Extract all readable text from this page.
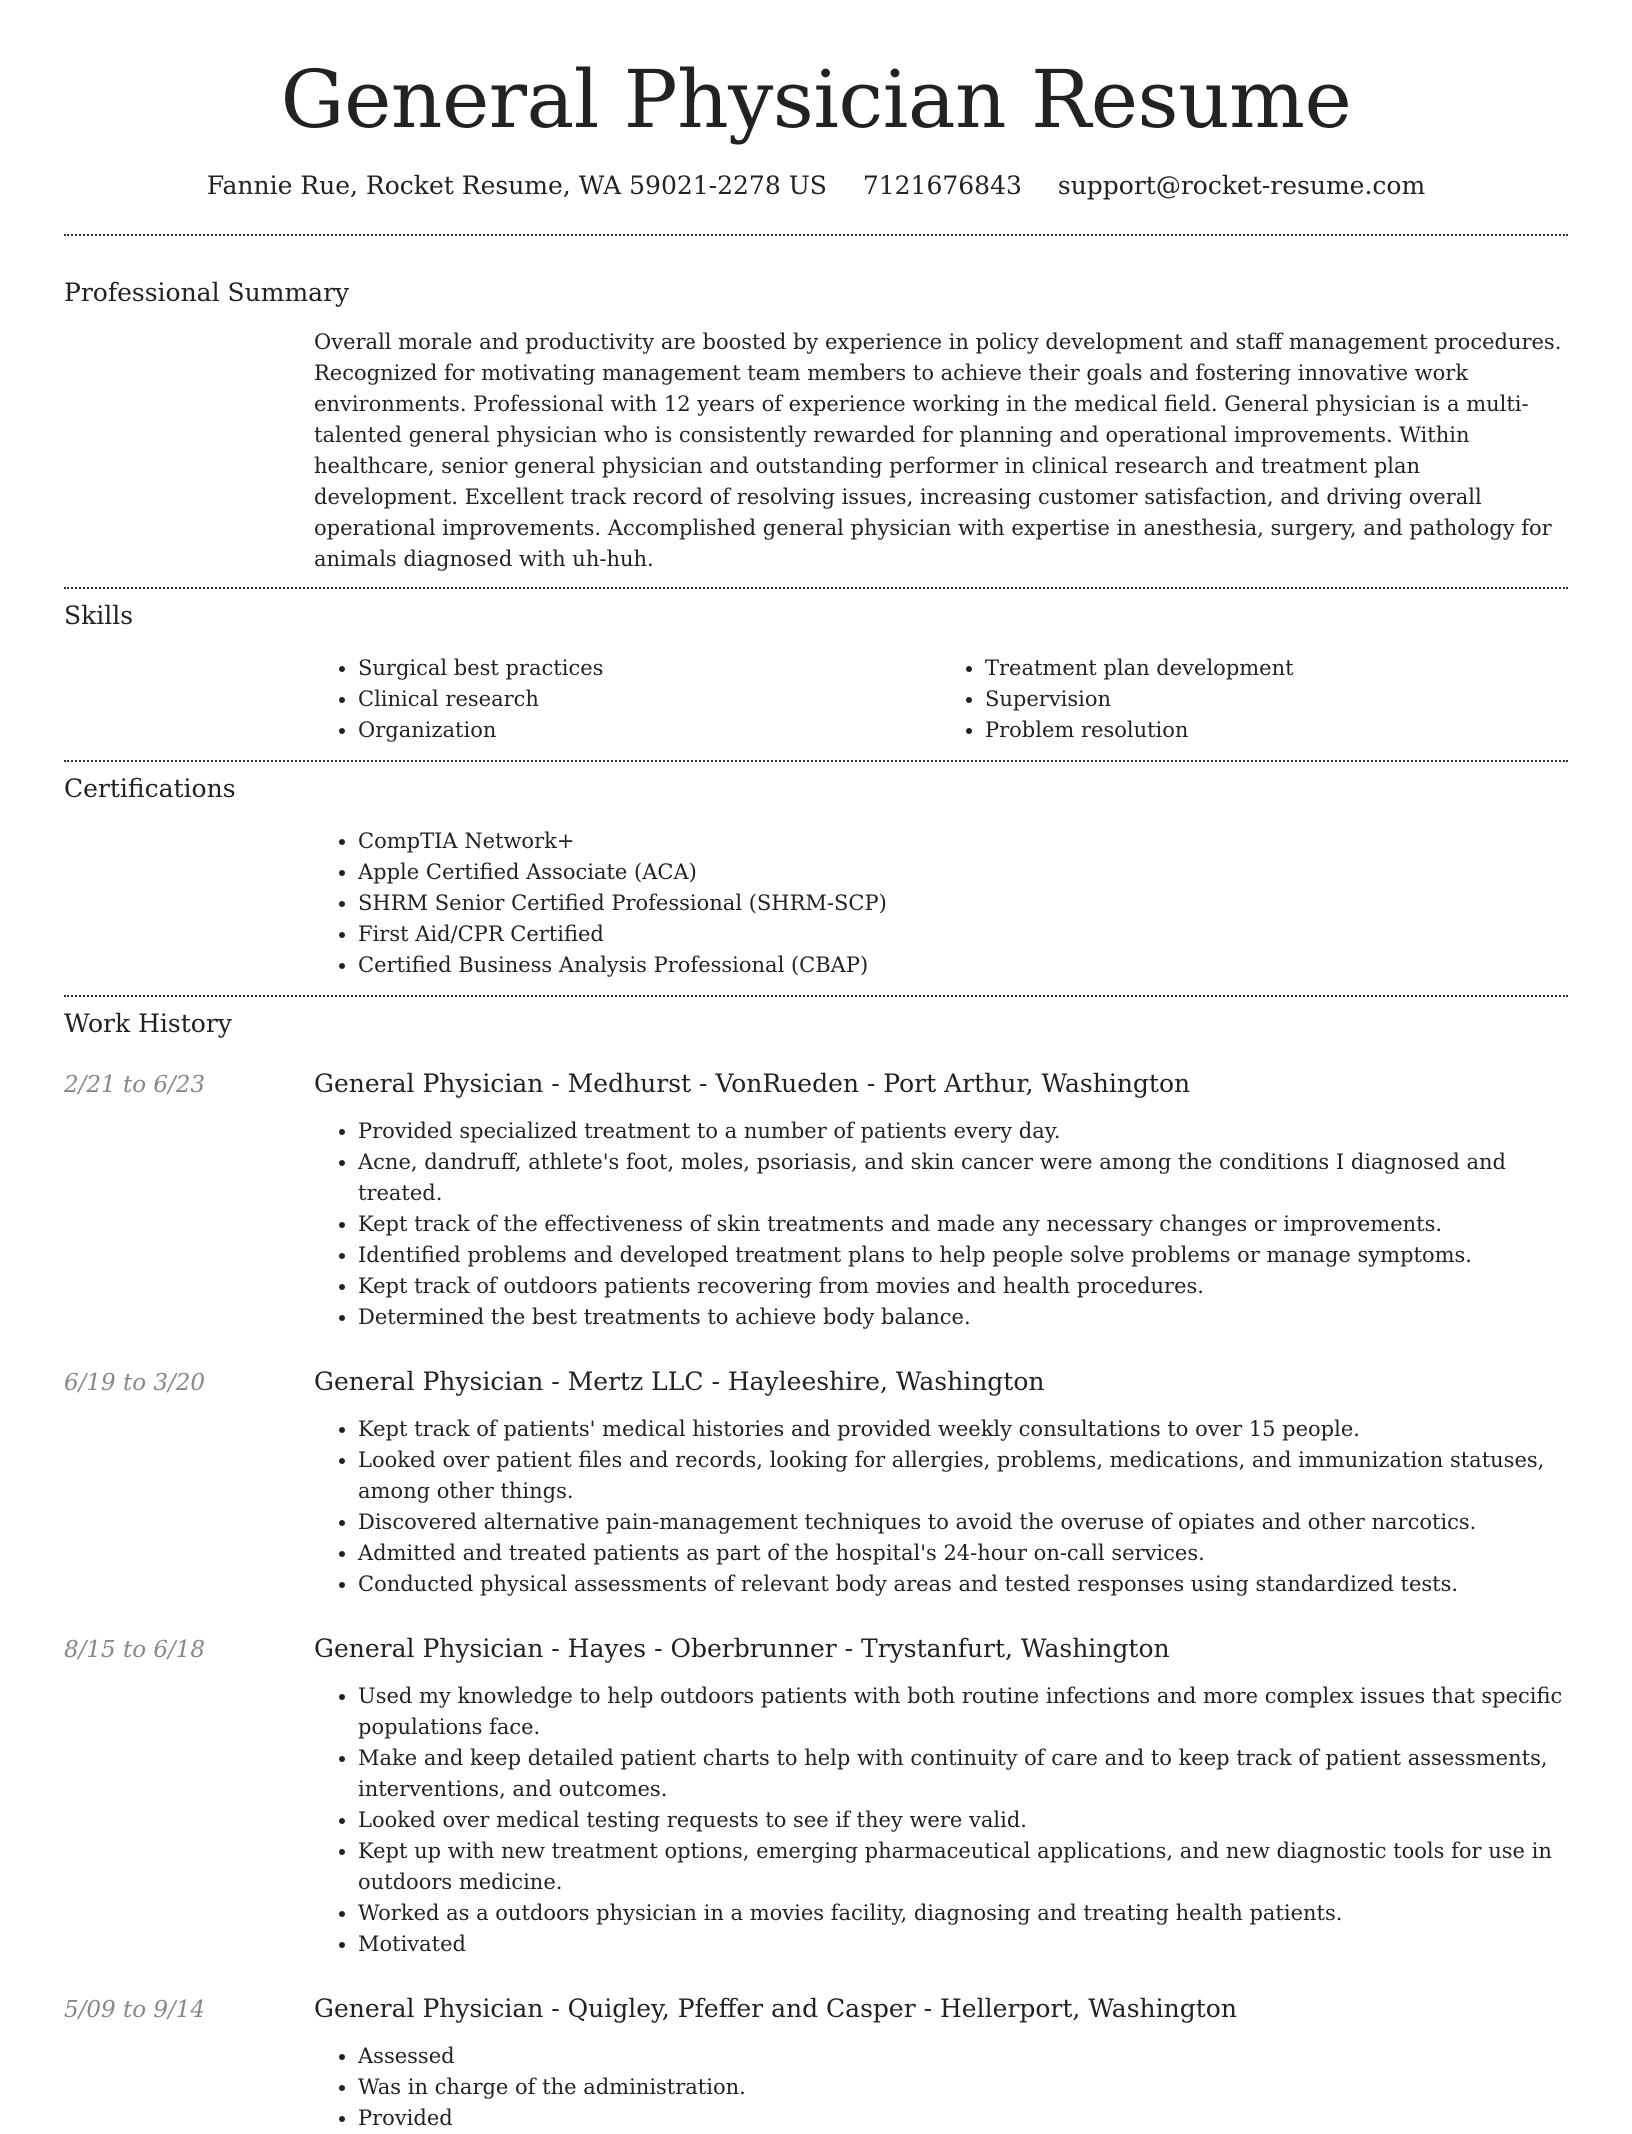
General Physician Resume
Fannie Rue, Rocket Resume, WA 59021-2278 US 7121676843 support@rocket-resume.com
Professional Summary

Overall morale and productivity are boosted by experience in policy development and staff management procedures. Recognized for motivating management team members to achieve their goals and fostering innovative work environments. Professional with 12 years of experience working in the medical field. General physician is a multi-talented general physician who is consistently rewarded for planning and operational improvements. Within healthcare, senior general physician and outstanding performer in clinical research and treatment plan development. Excellent track record of resolving issues, increasing customer satisfaction, and driving overall operational improvements. Accomplished general physician with expertise in anesthesia, surgery, and pathology for animals diagnosed with uh-huh.

Skills
• Surgical best practices
• Clinical research
• Organization
• Treatment plan development
• Supervision
• Problem resolution
Certifications
• CompTIA Network+
• Apple Certified Associate (ACA)
• SHRM Senior Certified Professional (SHRM-SCP)
• First Aid/CPR Certified
• Certified Business Analysis Professional (CBAP)
Work History
2/21 to 6/23	General Physician - Medhurst - VonRueden - Port Arthur, Washington
• Provided specialized treatment to a number of patients every day.
• Acne, dandruff, athlete's foot, moles, psoriasis, and skin cancer were among the conditions I diagnosed and treated.
• Kept track of the effectiveness of skin treatments and made any necessary changes or improvements.
• Identified problems and developed treatment plans to help people solve problems or manage symptoms.
• Kept track of outdoors patients recovering from movies and health procedures.
• Determined the best treatments to achieve body balance.
6/19 to 3/20	General Physician - Mertz LLC - Hayleeshire, Washington
• Kept track of patients' medical histories and provided weekly consultations to over 15 people.
• Looked over patient files and records, looking for allergies, problems, medications, and immunization statuses, among other things.
• Discovered alternative pain-management techniques to avoid the overuse of opiates and other narcotics.
• Admitted and treated patients as part of the hospital's 24-hour on-call services.
• Conducted physical assessments of relevant body areas and tested responses using standardized tests.
8/15 to 6/18	General Physician - Hayes - Oberbrunner - Trystanfurt, Washington
• Used my knowledge to help outdoors patients with both routine infections and more complex issues that specific populations face.
• Make and keep detailed patient charts to help with continuity of care and to keep track of patient assessments, interventions, and outcomes.
• Looked over medical testing requests to see if they were valid.
• Kept up with new treatment options, emerging pharmaceutical applications, and new diagnostic tools for use in outdoors medicine.
• Worked as a outdoors physician in a movies facility, diagnosing and treating health patients.
• Motivated
5/09 to 9/14	General Physician - Quigley, Pfeffer and Casper - Hellerport, Washington
• Assessed
• Was in charge of the administration.
• Provided
